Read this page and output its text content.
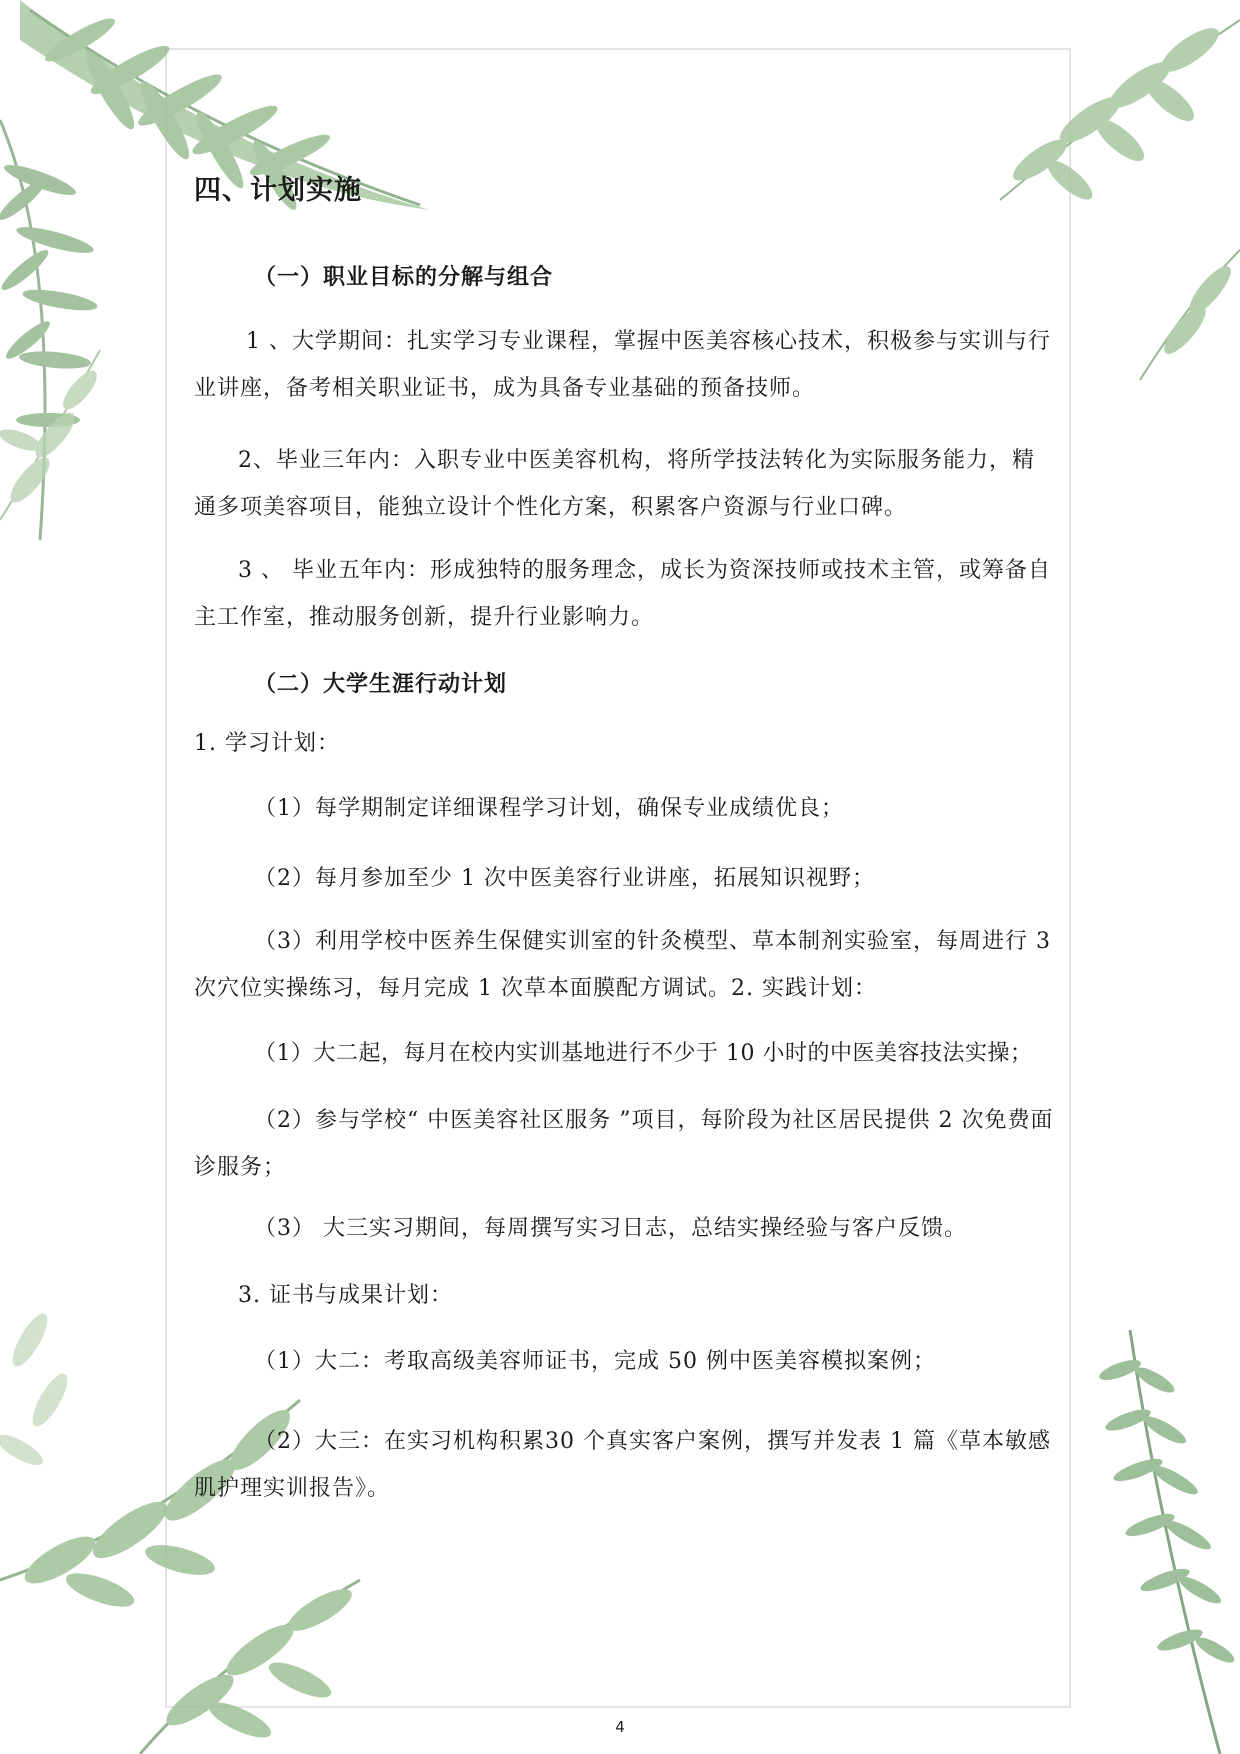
四、计划实施
（一）职业目标的分解与组合

1 、大学期间：扎实学习专业课程，掌握中医美容核心技术，积极参与实训与行业讲座，备考相关职业证书，成为具备专业基础的预备技师。

2、毕业三年内：入职专业中医美容机构，将所学技法转化为实际服务能力，精通多项美容项目，能独立设计个性化方案，积累客户资源与行业口碑。

3 、 毕业五年内：形成独特的服务理念，成长为资深技师或技术主管，或筹备自主工作室，推动服务创新，提升行业影响力。

（二）大学生涯行动计划

1. 学习计划：

（1）每学期制定详细课程学习计划，确保专业成绩优良；

（2）每月参加至少 1 次中医美容行业讲座，拓展知识视野；

（3）利用学校中医养生保健实训室的针灸模型、草本制剂实验室，每周进行 3 次穴位实操练习，每月完成 1 次草本面膜配方调试。2. 实践计划：

（1）大二起，每月在校内实训基地进行不少于 10 小时的中医美容技法实操；

（2）参与学校“ 中医美容社区服务 ”项目，每阶段为社区居民提供 2 次免费面诊服务；

（3） 大三实习期间，每周撰写实习日志，总结实操经验与客户反馈。

3. 证书与成果计划：

（1）大二：考取高级美容师证书，完成 50 例中医美容模拟案例；

（2）大三：在实习机构积累30 个真实客户案例，撰写并发表 1 篇《草本敏感肌护理实训报告》。

4
